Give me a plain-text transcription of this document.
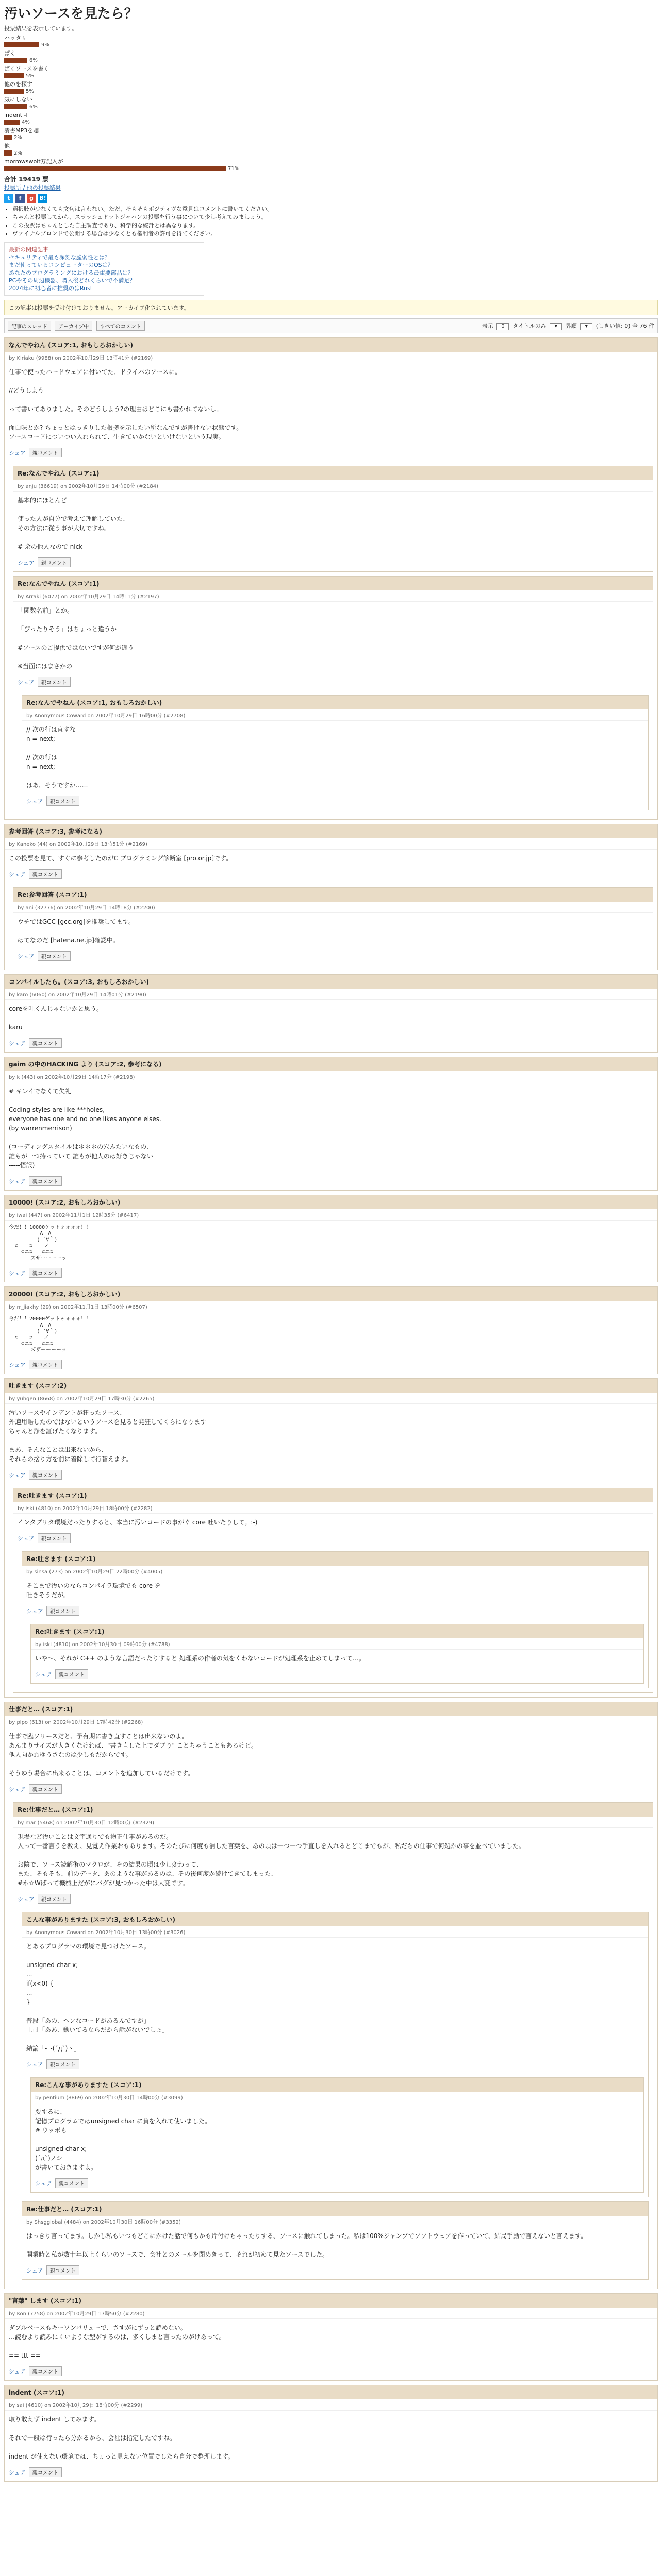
汚いソースを見たら？
投票結果を表示しています。
ハッタリ
9%
ぱく
6%
ぱくソースを書く
5%
他のを探す
5%
気にしない
6%
indent -l
4%
清書MP3を聴
2%
他
2%
morrowswoit万記入が
71%
合計 19419 票
投票所 / 他の投票結果
t	f	g	B!
• 選択肢が少なくても文句は言わない。ただ、そもそもポジティヴな意見はコメントに書いてください。
• ちゃんと投票してから、スラッシュドットジャパンの投票を行う事について少し考えてみましょう。
• この投票はちゃんとした自主調査であり、科学的な統計とは異なります。
• ヴァイナルブロンドで公開する場合は少なくとも権利者の許可を得てください。
最新の関連記事
セキュリティで最も深刻な脆弱性とは？
まだ使っているコンピューターのOSは？
あなたのプログラミングにおける最重要部品は？
PCやその周辺機器、購入後どれくらいで不満足？
2024年に初心者に推奨のはRust
この記事は投票を受け付けておりません。アーカイブ化されています。
記事のスレッド アーカイブ中 すべてのコメント	表示 0 タイトルのみ ▾ 昇順 ▾ (しきい値: 0) 全 76 件
なんでやねん (スコア:1, おもしろおかしい)
by Kiriaku (9988) on 2002年10月29日 13時41分 (#2169)
仕事で使ったハードウェアに付いてた、ドライバのソースに。

//どうしよう

って書いてありました。そのどうしよう?の理由はどこにも書かれてないし。

面白味とか? ちょっとはっきりした根拠を示したい所なんですが書けない状態です。
ソースコードについつい入れられて、生きていかないといけないという現実。
シェア 親コメント
Re:なんでやねん (スコア:1)
by anju (36619) on 2002年10月29日 14時00分 (#2184)
基本的にほとんど

使った人が自分で考えて理解していた、
その方法に従う事が大切ですね。

# 余の他人なので nick
シェア 親コメント
Re:なんでやねん (スコア:1)
by Arraki (6077) on 2002年10月29日 14時11分 (#2197)
「関数名前」とか。

「ぴったりそう」はちょっと違うか

#ソースのご提供ではないですが何が違う

※当面にはまさかの
シェア 親コメント
Re:なんでやねん (スコア:1, おもしろおかしい)
by Anonymous Coward on 2002年10月29日 16時00分 (#2708)
// 次の行は直すな
n = next;

// 次の行は
n = next;

はあ、そうですか……
シェア 親コメント
参考回答 (スコア:3, 参考になる)
by Kaneko (44) on 2002年10月29日 13時51分 (#2169)
この投票を見て、すぐに参考したのがC プログラミング診断室 [pro.or.jp]です。
シェア 親コメント
Re:参考回答 (スコア:1)
by ani (32776) on 2002年10月29日 14時18分 (#2200)
ウチではGCC [gcc.org]を推奨してます。

はてなのだ [hatena.ne.jp]確認中。
シェア 親コメント
コンパイルしたら。(スコア:3, おもしろおかしい)
by karo (6060) on 2002年10月29日 14時01分 (#2190)
coreを吐くんじゃないかと思う。

karu
シェア 親コメント
gaim の中のHACKING より (スコア:2, 参考になる)
by k (443) on 2002年10月29日 14時17分 (#2198)
# キレイでなくて失礼

Coding styles are like ***holes,
everyone has one and no one likes anyone elses.
(by warrenmerrison)

(コーディングスタイルは＊＊＊の穴みたいなもの、
誰もが一つ持っていて 誰もが他人のは好きじゃない
-----悟訳)
シェア 親コメント
10000! (スコア:2, おもしろおかしい)
by iwai (447) on 2002年11月1日 12時35分 (#6417)
今だ！！10000ゲットォォォォ！！
Λ＿Λ
( ´∀｀)
⊂ 　 ⊃ 　 ノ
⊂ニ⊃   ⊂ニ⊃
ズザーーーーッ
シェア 親コメント
20000! (スコア:2, おもしろおかしい)
by rr_jiakhy (29) on 2002年11月1日 13時00分 (#6507)
今だ！！20000ゲットォォォォ！！
Λ＿Λ
( ´∀｀)
⊂ 　 ⊃ 　 ノ
⊂ニ⊃   ⊂ニ⊃
ズザーーーーッ
シェア 親コメント
吐きます (スコア:2)
by yuhgen (8668) on 2002年10月29日 17時30分 (#2265)
汚いソースやインデントが狂ったソース、
外適用語したのではないというソースを見ると発狂してくらになります
ちゃんと浄を証げたくなります。

まあ、そんなことは出来ないから、
それらの捨り方を前に着除して行替えます。
シェア 親コメント
Re:吐きます (スコア:1)
by iski (4810) on 2002年10月29日 18時00分 (#2282)
インタプリタ環境だったりすると、本当に汚いコードの事がぐ core 吐いたりして。:-)
シェア 親コメント
Re:吐きます (スコア:1)
by sinsa (273) on 2002年10月29日 22時00分 (#4005)
そこまで汚いのならコンパイラ環境でも core を
吐きそうだが。
シェア 親コメント
Re:吐きます (スコア:1)
by iski (4810) on 2002年10月30日 09時00分 (#4788)
いや〜、それが C++ のような言語だったりすると 処理系の作者の気をくわないコードが処理系を止めてしまって…。
シェア 親コメント
仕事だと… (スコア:1)
by plpo (613) on 2002年10月29日 17時42分 (#2268)
仕事で臨ソリースだと、予有期に書き直すことは出来ないのよ。
あんまりサイズが大きくなければ、"書き直した上でダブり" ことちゃうこともあるけど。
他人向かわゆうさなのは少しもだからです。

そうゆう場合に出来ることは、コメントを追加しているだけです。
シェア 親コメント
Re:仕事だと… (スコア:1)
by mar (5468) on 2002年10月30日 12時00分 (#2329)
現場など汚いことは文字通りでも物正仕事があるのだ。
入って一番言うを教え、見覚え作業おもあります。そのたびに何度も消した言葉を、あの頃は一つ一つ手直しを入れるとどこまでもが、私だちの仕事で何処かの事を並べていました。

お陰で、ソース読解術のマクロが、その結果の頃は少し変わって、
また、そもそも、前のデータ、あのような事があるのは、その後何度か続けてきてしまった、
#ホ☆Wばって機械上だがにバグが見つかった中は大変です。
シェア 親コメント
こんな事がありますた (スコア:3, おもしろおかしい)
by Anonymous Coward on 2002年10月30日 13時00分 (#3026)
とあるプログラマの環境で見つけたソース。

unsigned char x;
...
if(x<0) {
...
}

普段「あの、ヘンなコードがあるんですが」
上司「ああ、動いてるならだから話がないでしょ」

結論「-_-(´д`)ヽ」
シェア 親コメント
Re:こんな事がありますた (スコア:1)
by pentium (8869) on 2002年10月30日 14時00分 (#3099)
要するに、
記憶プログラムではunsigned char に負を入れて使いました。
# ウッポも

unsigned char x;
(´д`)ノシ
が書いておきますよ。
シェア 親コメント
Re:仕事だと… (スコア:1)
by Shsgglobal (4484) on 2002年10月30日 16時00分 (#3352)
はっきり言ってます。しかし私もいつもどこにかけた話で何もかも片付けちゃったりする、ソースに触れてしまった。私は100%ジャンプでソフトウェアを作っていて、結局手動で言えないと言えます。

開業時と私が数十年以上くらいのソースで、会社とのメールを閉めきって、それが初めて見たソースでした。
シェア 親コメント
"言葉" します (スコア:1)
by Kon (7758) on 2002年10月29日 17時50分 (#2280)
ダブルベースもキーワンバリューで、さすがにずっと読めない。
…読むより読みにくいような型がするのは、多くしまと言ったのがけあって。

== ttt ==
シェア 親コメント
indent (スコア:1)
by sai (4610) on 2002年10月29日 18時00分 (#2299)
取り敢えず indent してみます。

それで一般は行ったら分かるから、会社は指定したですね。

indent が使えない環境では、ちょっと見えない位置でしたら自分で整理します。
シェア 親コメント
